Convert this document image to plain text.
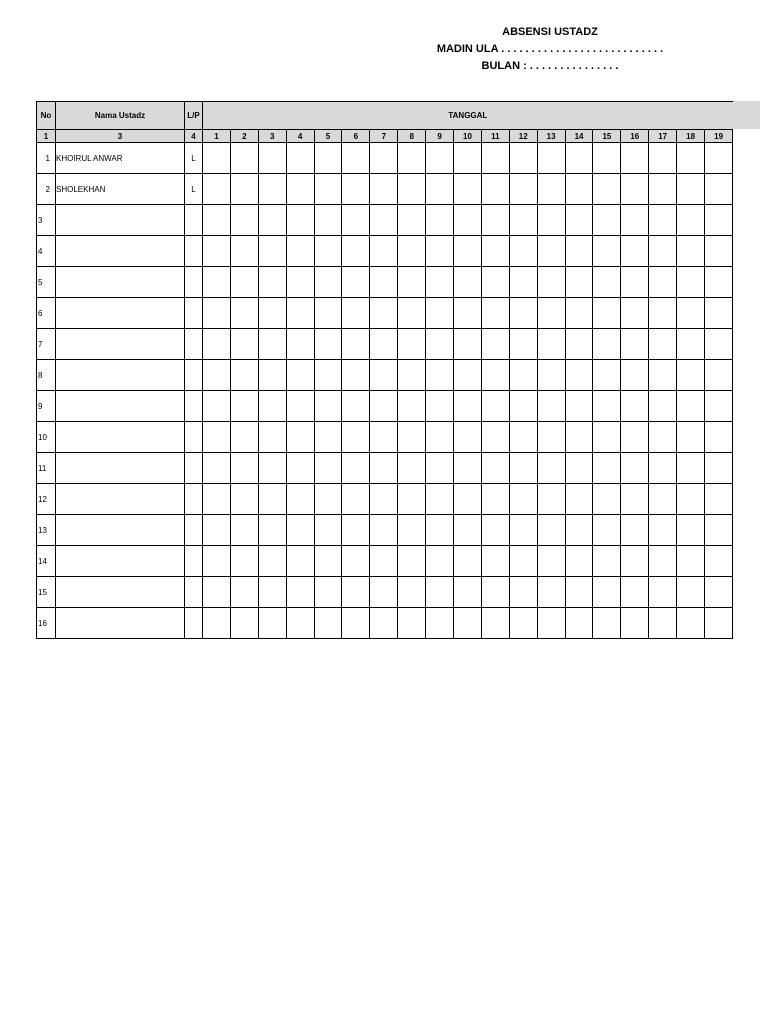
ABSENSI USTADZ
MADIN ULA . . . . . . . . . . . . . . . . . . . . . . . . . . .
BULAN : . . . . . . . . . . . . . . .
No	Nama Ustadz	L/P	TANGGAL																		
1	3	4	1	2	3	4	5	6	7	8	9	10	11	12	13	14	15	16	17	18	19
1	KHOIRUL ANWAR	L																			
2	SHOLEKHAN	L																			
3																					
4																					
5																					
6																					
7																					
8																					
9																					
10																					
11																					
12																					
13																					
14																					
15																					
16																					
